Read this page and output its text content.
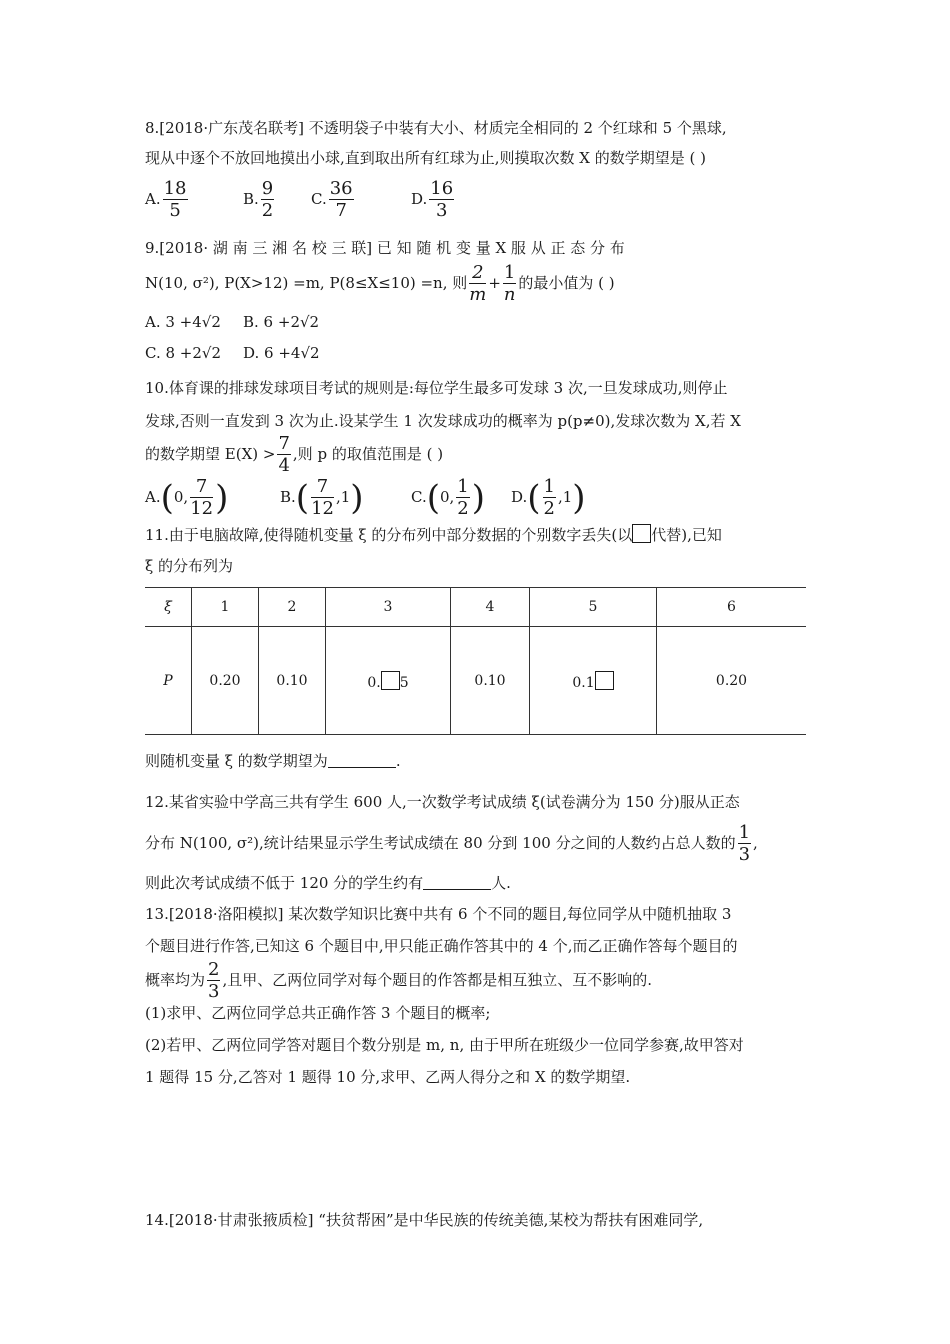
8.[2018·广东茂名联考] 不透明袋子中装有大小、材质完全相同的 2 个红球和 5 个黑球,
现从中逐个不放回地摸出小球,直到取出所有红球为止,则摸取次数 X 的数学期望是 ( )
A. $\frac{18}{5}$	B. $\frac{9}{2} C$. $\frac{36}{7}$	D. $\frac{16}{3}$
9.[2018· 湖 南 三 湘 名 校 三 联] 已 知 随 机 变 量 X 服 从 正 态 分 布
N(10, σ²), P(X>12) =m, P(8≤X≤10) =n, 则 $\frac{2}{m} + \frac{1}{n}$ 的最小值为 ( )
A. 3 +4√2 B. 6 +2√2
C. 8 +2√2 D. 6 +4√2
10.体育课的排球发球项目考试的规则是:每位学生最多可发球 3 次,一旦发球成功,则停止
发球,否则一直发到 3 次为止.设某学生 1 次发球成功的概率为 p(p≠0),发球次数为 X,若 X
的数学期望 $E(X) > \frac{7}{4}$ ,则 p 的取值范围是 ( )
A.(0, $\frac{7}{12}$ )	$B.( \frac{7}{12} ,1)$	C.(0, $\frac{1}{2}$ ) $D.( \frac{1}{2} ,1)$
11.由于电脑故障,使得随机变量 ξ 的分布列中部分数据的个别数字丢失(以 代替),已知
ξ 的分布列为
ξ	1	2	3	4	5	6
P	0.20	0.10	0. 5	0.10	0.1	0.20
则随机变量 ξ 的数学期望为	.
12.某省实验中学高三共有学生 600 人,一次数学考试成绩 ξ(试卷满分为 150 分)服从正态
分布 N(100, σ²),统计结果显示学生考试成绩在 80 分到 100 分之间的人数约占总人数的 $\frac{1}{3}$ ,
则此次考试成绩不低于 120 分的学生约有	人.
13.[2018·洛阳模拟] 某次数学知识比赛中共有 6 个不同的题目,每位同学从中随机抽取 3
个题目进行作答,已知这 6 个题目中,甲只能正确作答其中的 4 个,而乙正确作答每个题目的
概率均为 $\frac{2}{3}$ ,且甲、乙两位同学对每个题目的作答都是相互独立、互不影响的.
(1)求甲、乙两位同学总共正确作答 3 个题目的概率;
(2)若甲、乙两位同学答对题目个数分别是 m, n, 由于甲所在班级少一位同学参赛,故甲答对
1 题得 15 分,乙答对 1 题得 10 分,求甲、乙两人得分之和 X 的数学期望.
14.[2018·甘肃张掖质检] “扶贫帮困”是中华民族的传统美德,某校为帮扶有困难同学,
